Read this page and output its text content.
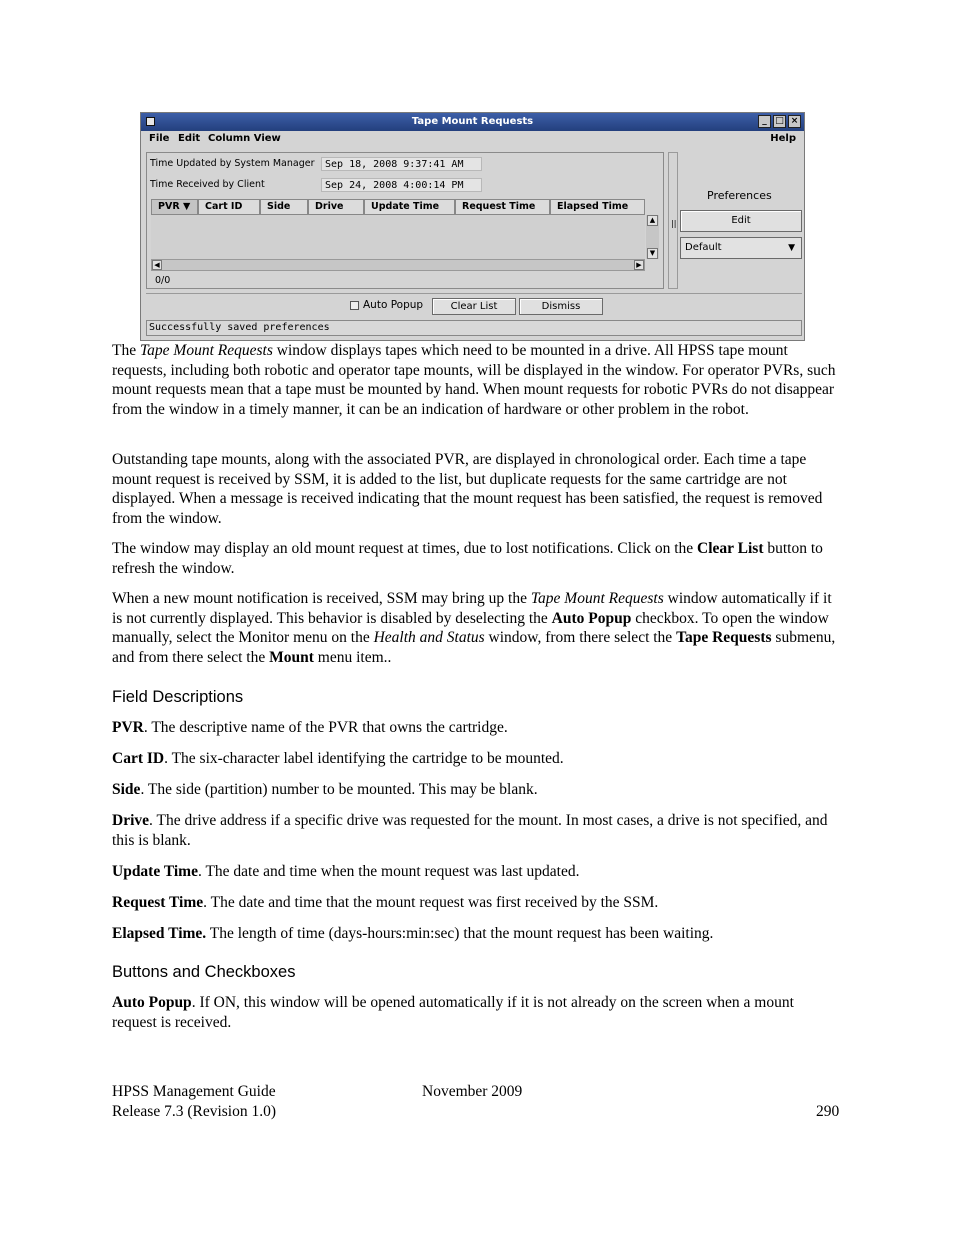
Tape Mount Requests	_ □ ×
File Edit Column View	Help
Time Updated by System Manager	Sep 18, 2008 9:37:41 AM
Time Received by Client	Sep 24, 2008 4:00:14 PM
PVR ▼	Cart ID	Side	Drive	Update Time	Request Time	Elapsed Time
▲
▼
◀	▶
0/0
||
Preferences
Edit
Default	▼
Auto Popup	Clear List	Dismiss
Successfully saved preferences
The Tape Mount Requests window displays tapes which need to be mounted in a drive. All HPSS tape mount requests, including both robotic and operator tape mounts, will be displayed in the window. For operator PVRs, such mount requests mean that a tape must be mounted by hand. When mount requests for robotic PVRs do not disappear from the window in a timely manner, it can be an indication of hardware or other problem in the robot.
Outstanding tape mounts, along with the associated PVR, are displayed in chronological order. Each time a tape mount request is received by SSM, it is added to the list, but duplicate requests for the same cartridge are not displayed. When a message is received indicating that the mount request has been satisfied, the request is removed from the window.
The window may display an old mount request at times, due to lost notifications. Click on the Clear List button to refresh the window.
When a new mount notification is received, SSM may bring up the Tape Mount Requests window automatically if it is not currently displayed. This behavior is disabled by deselecting the Auto Popup checkbox. To open the window manually, select the Monitor menu on the Health and Status window, from there select the Tape Requests submenu, and from there select the Mount menu item..
Field Descriptions
PVR. The descriptive name of the PVR that owns the cartridge.
Cart ID. The six-character label identifying the cartridge to be mounted.
Side. The side (partition) number to be mounted. This may be blank.
Drive. The drive address if a specific drive was requested for the mount. In most cases, a drive is not specified, and this is blank.
Update Time. The date and time when the mount request was last updated.
Request Time. The date and time that the mount request was first received by the SSM.
Elapsed Time. The length of time (days-hours:min:sec) that the mount request has been waiting.
Buttons and Checkboxes
Auto Popup. If ON, this window will be opened automatically if it is not already on the screen when a mount request is received.
HPSS Management Guide	November 2009
Release 7.3 (Revision 1.0)	290
